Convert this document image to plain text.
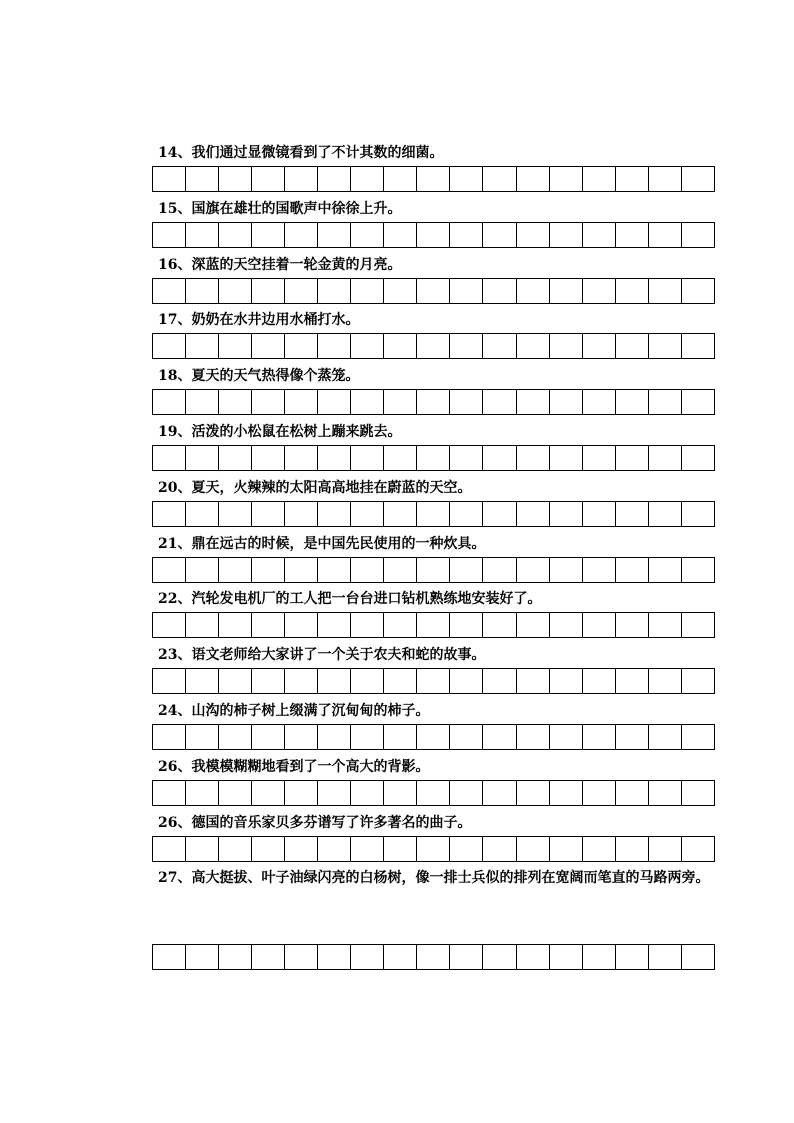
14、我们通过显微镜看到了不计其数的细菌。
15、国旗在雄壮的国歌声中徐徐上升。
16、深蓝的天空挂着一轮金黄的月亮。
17、奶奶在水井边用水桶打水。
18、夏天的天气热得像个蒸笼。
19、活泼的小松鼠在松树上蹦来跳去。
20、夏天，火辣辣的太阳高高地挂在蔚蓝的天空。
21、鼎在远古的时候，是中国先民使用的一种炊具。
22、汽轮发电机厂的工人把一台台进口钻机熟练地安装好了。
23、语文老师给大家讲了一个关于农夫和蛇的故事。
24、山沟的柿子树上缀满了沉甸甸的柿子。
26、我模模糊糊地看到了一个高大的背影。
26、德国的音乐家贝多芬谱写了许多著名的曲子。
27、高大挺拔、叶子油绿闪亮的白杨树，像一排士兵似的排列在宽阔而笔直的马路两旁。
